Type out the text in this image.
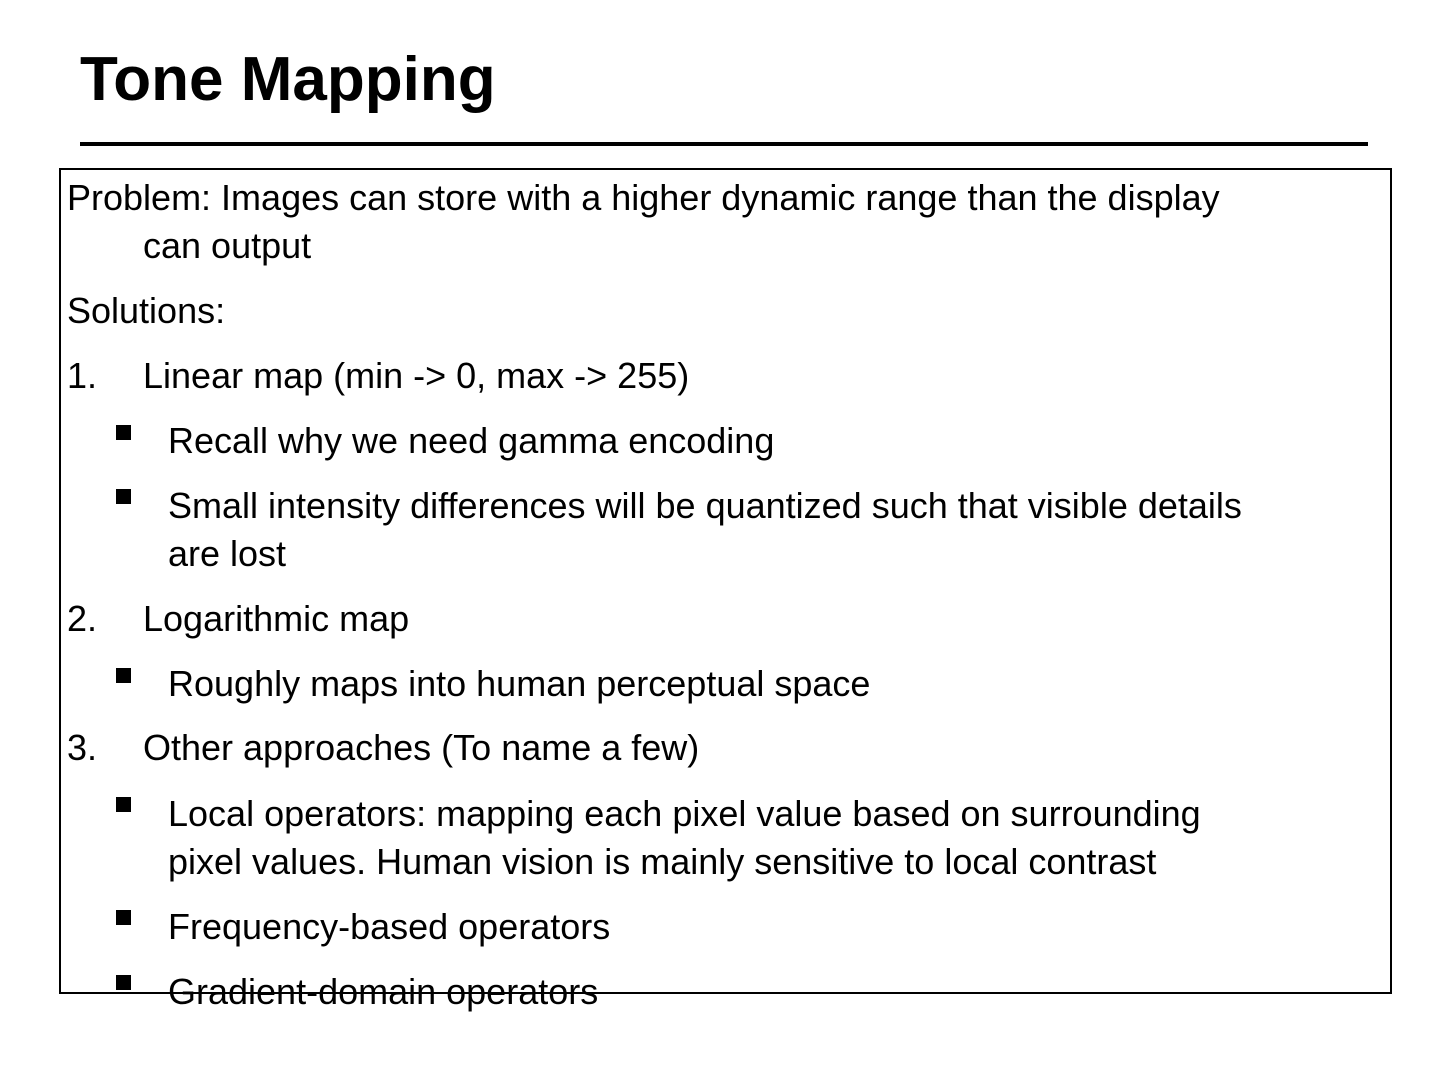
Tone Mapping
Problem: Images can store with a higher dynamic range than the display
can output
Solutions:
1. Linear map (min -> 0, max -> 255)
Recall why we need gamma encoding
Small intensity differences will be quantized such that visible details
are lost
2. Logarithmic map
Roughly maps into human perceptual space
3. Other approaches (To name a few)
Local operators: mapping each pixel value based on surrounding
pixel values. Human vision is mainly sensitive to local contrast
Frequency-based operators
Gradient-domain operators
